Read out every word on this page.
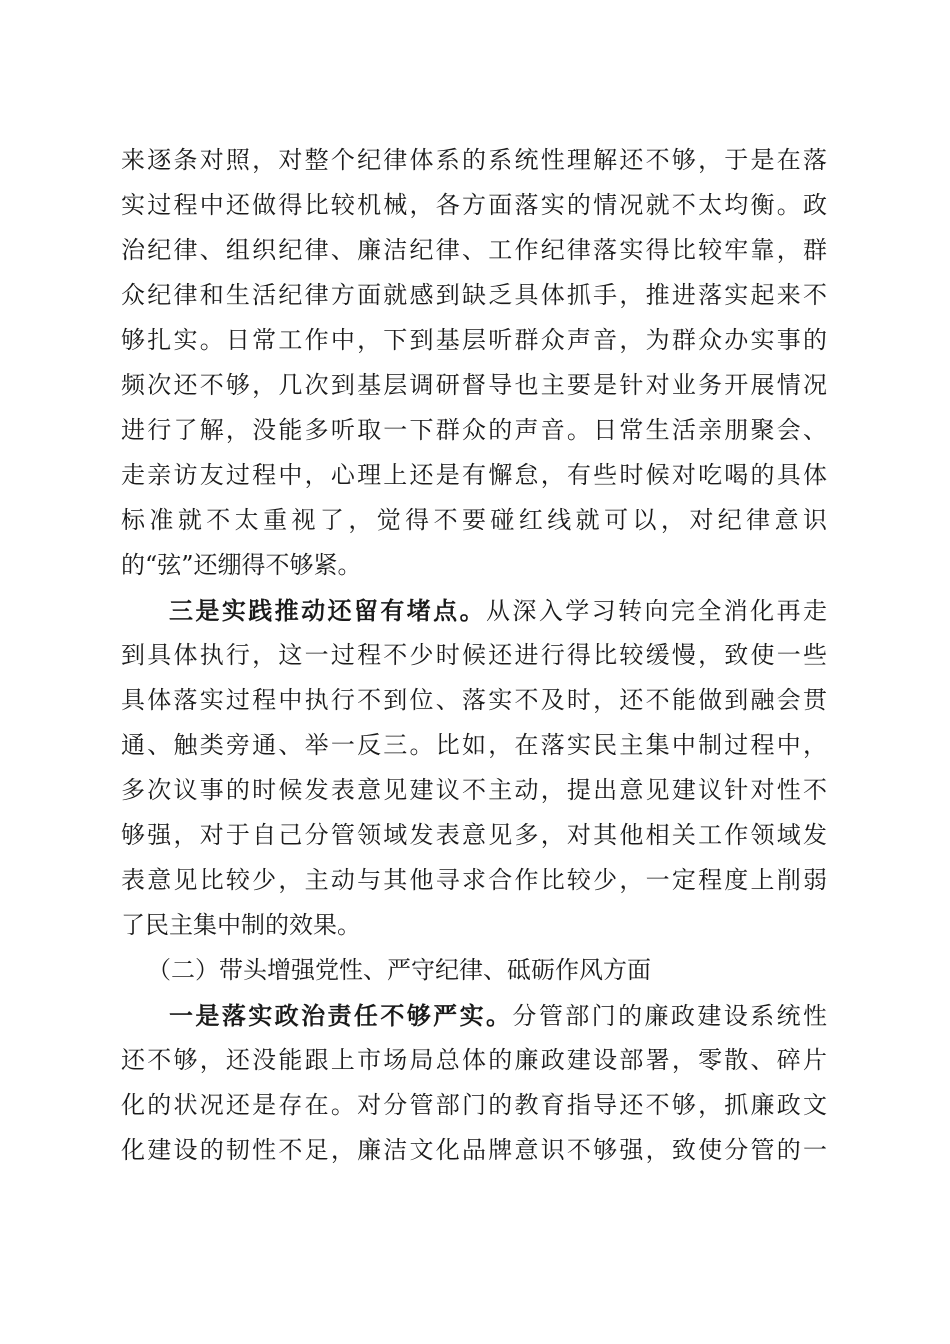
来逐条对照，对整个纪律体系的系统性理解还不够，于是在落
实过程中还做得比较机械，各方面落实的情况就不太均衡。政
治纪律、组织纪律、廉洁纪律、工作纪律落实得比较牢靠，群
众纪律和生活纪律方面就感到缺乏具体抓手，推进落实起来不
够扎实。日常工作中，下到基层听群众声音，为群众办实事的
频次还不够，几次到基层调研督导也主要是针对业务开展情况
进行了解，没能多听取一下群众的声音。日常生活亲朋聚会、
走亲访友过程中，心理上还是有懈怠，有些时候对吃喝的具体
标准就不太重视了，觉得不要碰红线就可以，对纪律意识
的“弦”还绷得不够紧。
三是实践推动还留有堵点。从深入学习转向完全消化再走
到具体执行，这一过程不少时候还进行得比较缓慢，致使一些
具体落实过程中执行不到位、落实不及时，还不能做到融会贯
通、触类旁通、举一反三。比如，在落实民主集中制过程中，
多次议事的时候发表意见建议不主动，提出意见建议针对性不
够强，对于自己分管领域发表意见多，对其他相关工作领域发
表意见比较少，主动与其他寻求合作比较少，一定程度上削弱
了民主集中制的效果。
（二）带头增强党性、严守纪律、砥砺作风方面
一是落实政治责任不够严实。分管部门的廉政建设系统性
还不够，还没能跟上市场局总体的廉政建设部署，零散、碎片
化的状况还是存在。对分管部门的教育指导还不够，抓廉政文
化建设的韧性不足，廉洁文化品牌意识不够强，致使分管的一
